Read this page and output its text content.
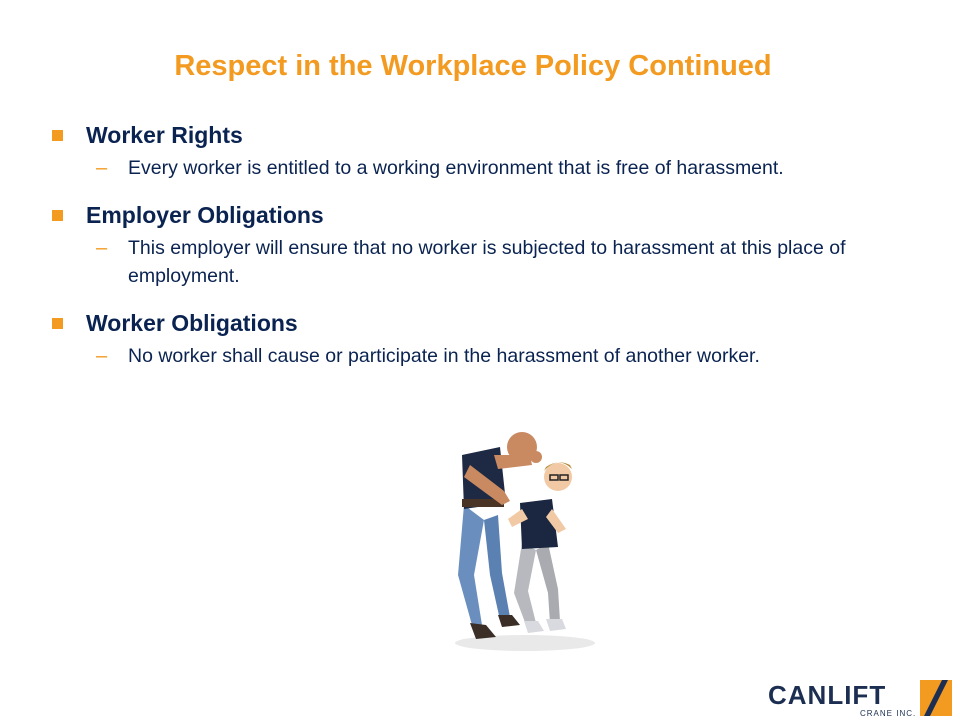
Respect in the Workplace Policy Continued
Worker Rights
–	Every worker is entitled to a working environment that is free of harassment.
Employer Obligations
–	This employer will ensure that no worker is subjected to harassment at this place of employment.
Worker Obligations
–	No worker shall cause or participate in the harassment of another worker.
CANLIFT
CRANE INC.
